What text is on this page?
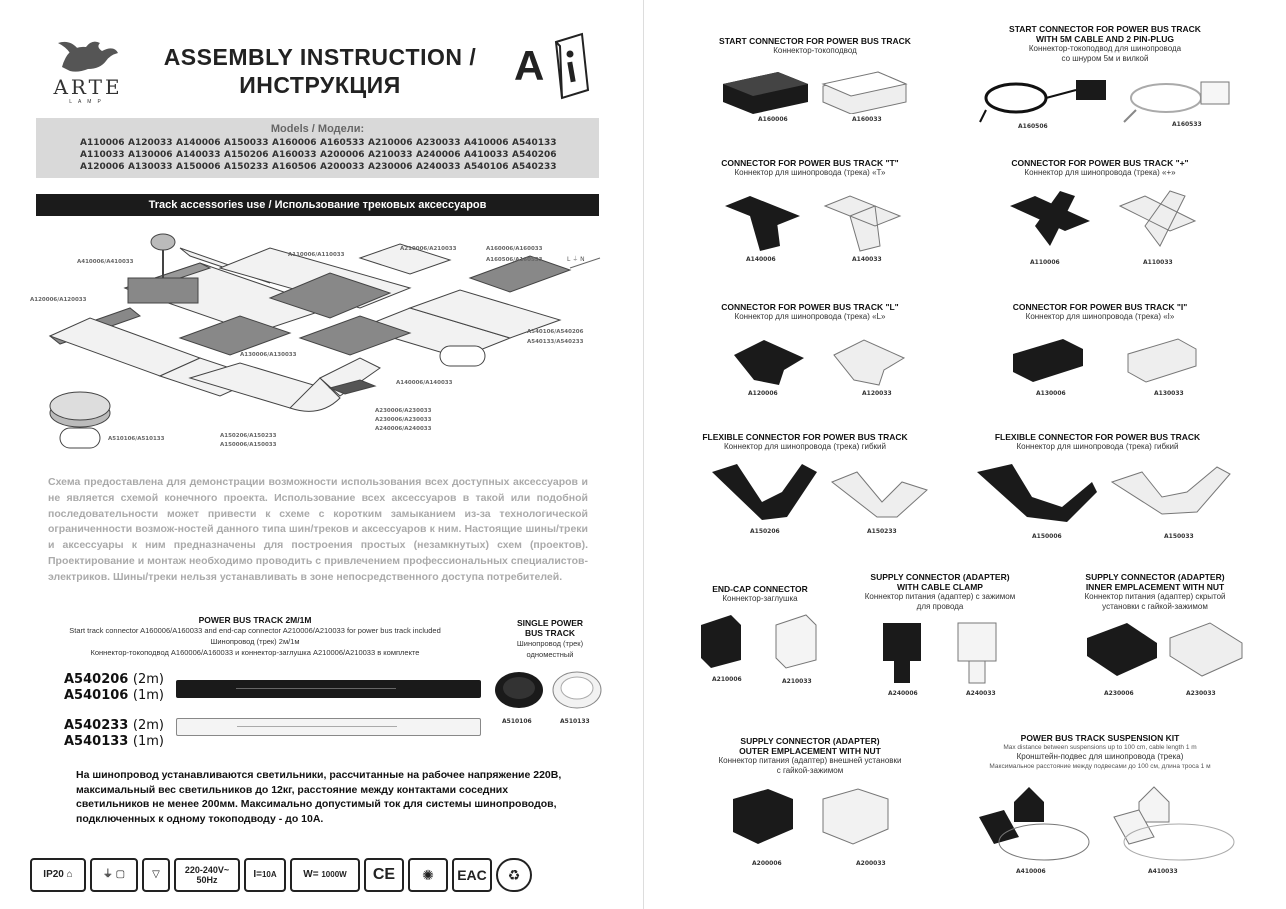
ARTE
LAMP
ASSEMBLY INSTRUCTION /
ИНСТРУКЦИЯ	A
Models / Модели:
A110006 A120033 A140006 A150033 A160006 A160533 A210006 A230033 A410006 A540133
A110033 A130006 A140033 A150206 A160033 A200006 A210033 A240006 A410033 A540206
A120006 A130033 A150006 A150233 A160506 A200033 A230006 A240033 A540106 A540233
Track accessories use / Использование трековых аксессуаров
L ⏚ N
A410006/A410033
A120006/A120033
A110006/A110033
A210006/A210033	A160006/A160033
A160506/A160533
A540106/A540206
A540133/A540233
A130006/A130033
A140006/A140033
A230006/A230033
A230006/A230033
A240006/A240033
A510106/A510133	A150206/A150233
A150006/A150033
Схема предоставлена для демонстрации возможности использования всех доступных аксессуаров и не является схемой конечного проекта. Использование всех аксессуаров в такой или подобной последовательности может привести к схеме с коротким замыканием из-за технологической ограниченности возмож-ностей данного типа шин/треков и аксессуаров к ним. Настоящие шины/треки и аксессуары к ним предназначены для построения простых (незамкнутых) схем (проектов). Проектирование и монтаж необходимо проводить с привлечением профессиональных специалистов-электриков. Шины/треки нельзя устанавливать в зоне непосредственного доступа потребителей.
POWER BUS TRACK 2M/1M
Start track connector A160006/A160033 and end-cap connector A210006/A210033 for power bus track included
Шинопровод (трек) 2м/1м
Коннектор-токоподвод A160006/A160033 и коннектор-заглушка A210006/A210033 в комплекте
A540206 (2m)
A540106 (1m)
A540233 (2m)
A540133 (1m)
SINGLE POWER
BUS TRACK
Шинопровод (трек)
одноместный
A510106	A510133
На шинопровод устанавливаются светильники, рассчитанные на рабочее напряжение 220В, максимальный вес светильников до 12кг, расстояние между контактами соседних светильников не менее 200мм. Максимально допустимый ток для системы шинопроводов, подключенных к одному токоподводу - до 10А.
IP20 ⌂	⏚ ▢	▽	220-240V~
50Hz	I= 10A	W=
1000W CE	✺	EAC	♻
START CONNECTOR FOR POWER BUS TRACK
Коннектор-токоподвод
A160006	A160033
START CONNECTOR FOR POWER BUS TRACK
WITH 5M CABLE AND 2 PIN-PLUG
Коннектор-токоподвод для шинопровода
со шнуром 5м и вилкой
A160506	A160533
CONNECTOR FOR POWER BUS TRACK "T"
Коннектор для шинопровода (трека) «Т»
A140006	A140033
CONNECTOR FOR POWER BUS TRACK "+"
Коннектор для шинопровода (трека) «+»
A110006	A110033
CONNECTOR FOR POWER BUS TRACK "L"
Коннектор для шинопровода (трека) «L»
A120006	A120033
CONNECTOR FOR POWER BUS TRACK "I"
Коннектор для шинопровода (трека) «I»
A130006	A130033
FLEXIBLE CONNECTOR FOR POWER BUS TRACK
Коннектор для шинопровода (трека) гибкий
A150206	A150233
FLEXIBLE CONNECTOR FOR POWER BUS TRACK
Коннектор для шинопровода (трека) гибкий
A150006	A150033
END-CAP CONNECTOR
Коннектор-заглушка
A210006	A210033
SUPPLY CONNECTOR (ADAPTER)
WITH CABLE CLAMP
Коннектор питания (адаптер) с зажимом
для провода
A240006	A240033
SUPPLY CONNECTOR (ADAPTER)
INNER EMPLACEMENT WITH NUT
Коннектор питания (адаптер) скрытой
установки с гайкой-зажимом
A230006	A230033
SUPPLY CONNECTOR (ADAPTER)
OUTER EMPLACEMENT WITH NUT
Коннектор питания (адаптер) внешней установки
с гайкой-зажимом
A200006	A200033
POWER BUS TRACK SUSPENSION KIT
Max distance between suspensions up to 100 cm, cable length 1 m
Кронштейн-подвес для шинопровода (трека)
Максимальное расстояние между подвесами до 100 см, длина троса 1 м
A410006	A410033
